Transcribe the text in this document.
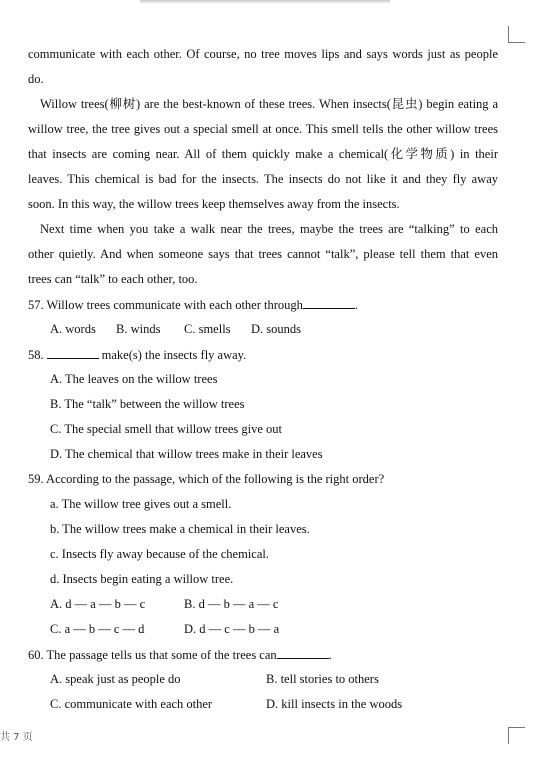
communicate with each other. Of course, no tree moves lips and says words just as people
do.
Willow trees(柳树) are the best-known of these trees. When insects(昆虫) begin eating a
willow tree, the tree gives out a special smell at once. This smell tells the other willow trees
that insects are coming near. All of them quickly make a chemical(化学物质) in their
leaves. This chemical is bad for the insects. The insects do not like it and they fly away
soon. In this way, the willow trees keep themselves away from the insects.
Next time when you take a walk near the trees, maybe the trees are “talking” to each
other quietly. And when someone says that trees cannot “talk”, please tell them that even
trees can “talk” to each other, too.
57. Willow trees communicate with each other through	.
A. words B. winds C. smells D. sounds
58.	make(s) the insects fly away.
A. The leaves on the willow trees
B. The “talk” between the willow trees
C. The special smell that willow trees give out
D. The chemical that willow trees make in their leaves
59. According to the passage, which of the following is the right order?
a. The willow tree gives out a smell.
b. The willow trees make a chemical in their leaves.
c. Insects fly away because of the chemical.
d. Insects begin eating a willow tree.
A. d — a — b — c	B. d — b — a — c
C. a — b — c — d	D. d — c — b — a
60. The passage tells us that some of the trees can	.
A. speak just as people do	B. tell stories to others
C. communicate with each other	D. kill insects in the woods
共 7 页
